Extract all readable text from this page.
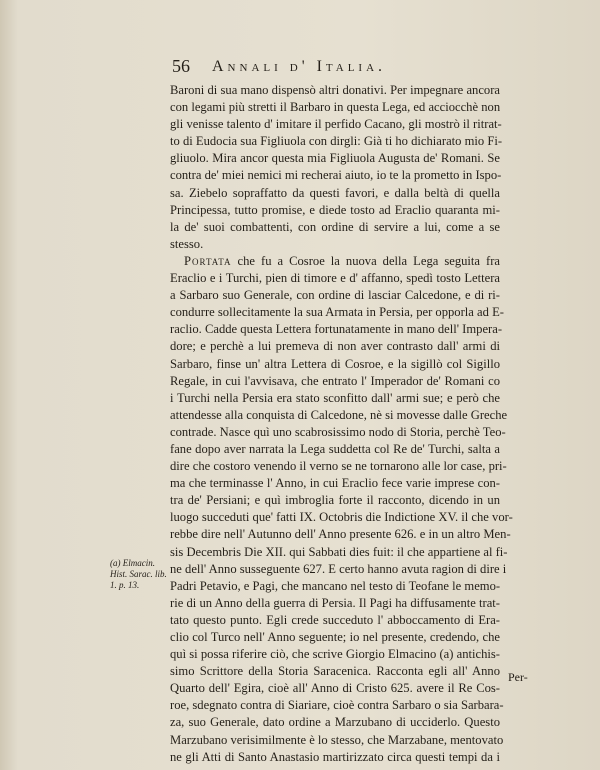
56 Annali d' Italia.

Baroni di sua mano dispensò altri donativi. Per impegnare ancora
con legami più stretti il Barbaro in questa Lega, ed acciocchè non
gli venisse talento d' imitare il perfido Cacano, gli mostrò il ritrat-
to di Eudocia sua Figliuola con dirgli: Già ti ho dichiarato mio Fi-
gliuolo. Mira ancor questa mia Figliuola Augusta de' Romani. Se
contra de' miei nemici mi recherai aiuto, io te la prometto in Ispo-
sa. Ziebelo sopraffatto da questi favori, e dalla beltà di quella
Principessa, tutto promise, e diede tosto ad Eraclio quaranta mi-
la de' suoi combattenti, con ordine di servire a lui, come a se
stesso.

Portata che fu a Cosroe la nuova della Lega seguita fra
Eraclio e i Turchi, pien di timore e d' affanno, spedì tosto Lettera
a Sarbaro suo Generale, con ordine di lasciar Calcedone, e di ri-
condurre sollecitamente la sua Armata in Persia, per opporla ad E-
raclio. Cadde questa Lettera fortunatamente in mano dell' Impera-
dore; e perchè a lui premeva di non aver contrasto dall' armi di
Sarbaro, finse un' altra Lettera di Cosroe, e la sigillò col Sigillo
Regale, in cui l'avvisava, che entrato l' Imperador de' Romani co
i Turchi nella Persia era stato sconfitto dall' armi sue; e però che
attendesse alla conquista di Calcedone, nè si movesse dalle Greche
contrade. Nasce quì uno scabrosissimo nodo di Storia, perchè Teo-
fane dopo aver narrata la Lega suddetta col Re de' Turchi, salta a
dire che costoro venendo il verno se ne tornarono alle lor case, pri-
ma che terminasse l' Anno, in cui Eraclio fece varie imprese con-
tra de' Persiani; e quì imbroglia forte il racconto, dicendo in un
luogo succeduti que' fatti IX. Octobris die Indictione XV. il che vor-
rebbe dire nell' Autunno dell' Anno presente 626. e in un altro Men-
sis Decembris Die XII. qui Sabbati dies fuit: il che appartiene al fi-
ne dell' Anno susseguente 627. E certo hanno avuta ragion di dire i
Padri Petavio, e Pagi, che mancano nel testo di Teofane le memo-
rie di un Anno della guerra di Persia. Il Pagi ha diffusamente trat-
tato questo punto. Egli crede succeduto l' abboccamento di Era-
clio col Turco nell' Anno seguente; io nel presente, credendo, che
quì si possa riferire ciò, che scrive Giorgio Elmacino (a) antichis-
simo Scrittore della Storia Saracenica. Racconta egli all' Anno
Quarto dell' Egira, cioè all' Anno di Cristo 625. avere il Re Cos-
roe, sdegnato contra di Siariare, cioè contra Sarbaro o sia Sarbara-
za, suo Generale, dato ordine a Marzubano di ucciderlo. Questo
Marzubano verisimilmente è lo stesso, che Marzabane, mentovato
ne gli Atti di Santo Anastasio martirizzato circa questi tempi da i

(a) Elmacin. Hist. Sarac. lib. 1. p. 13.
Per-
